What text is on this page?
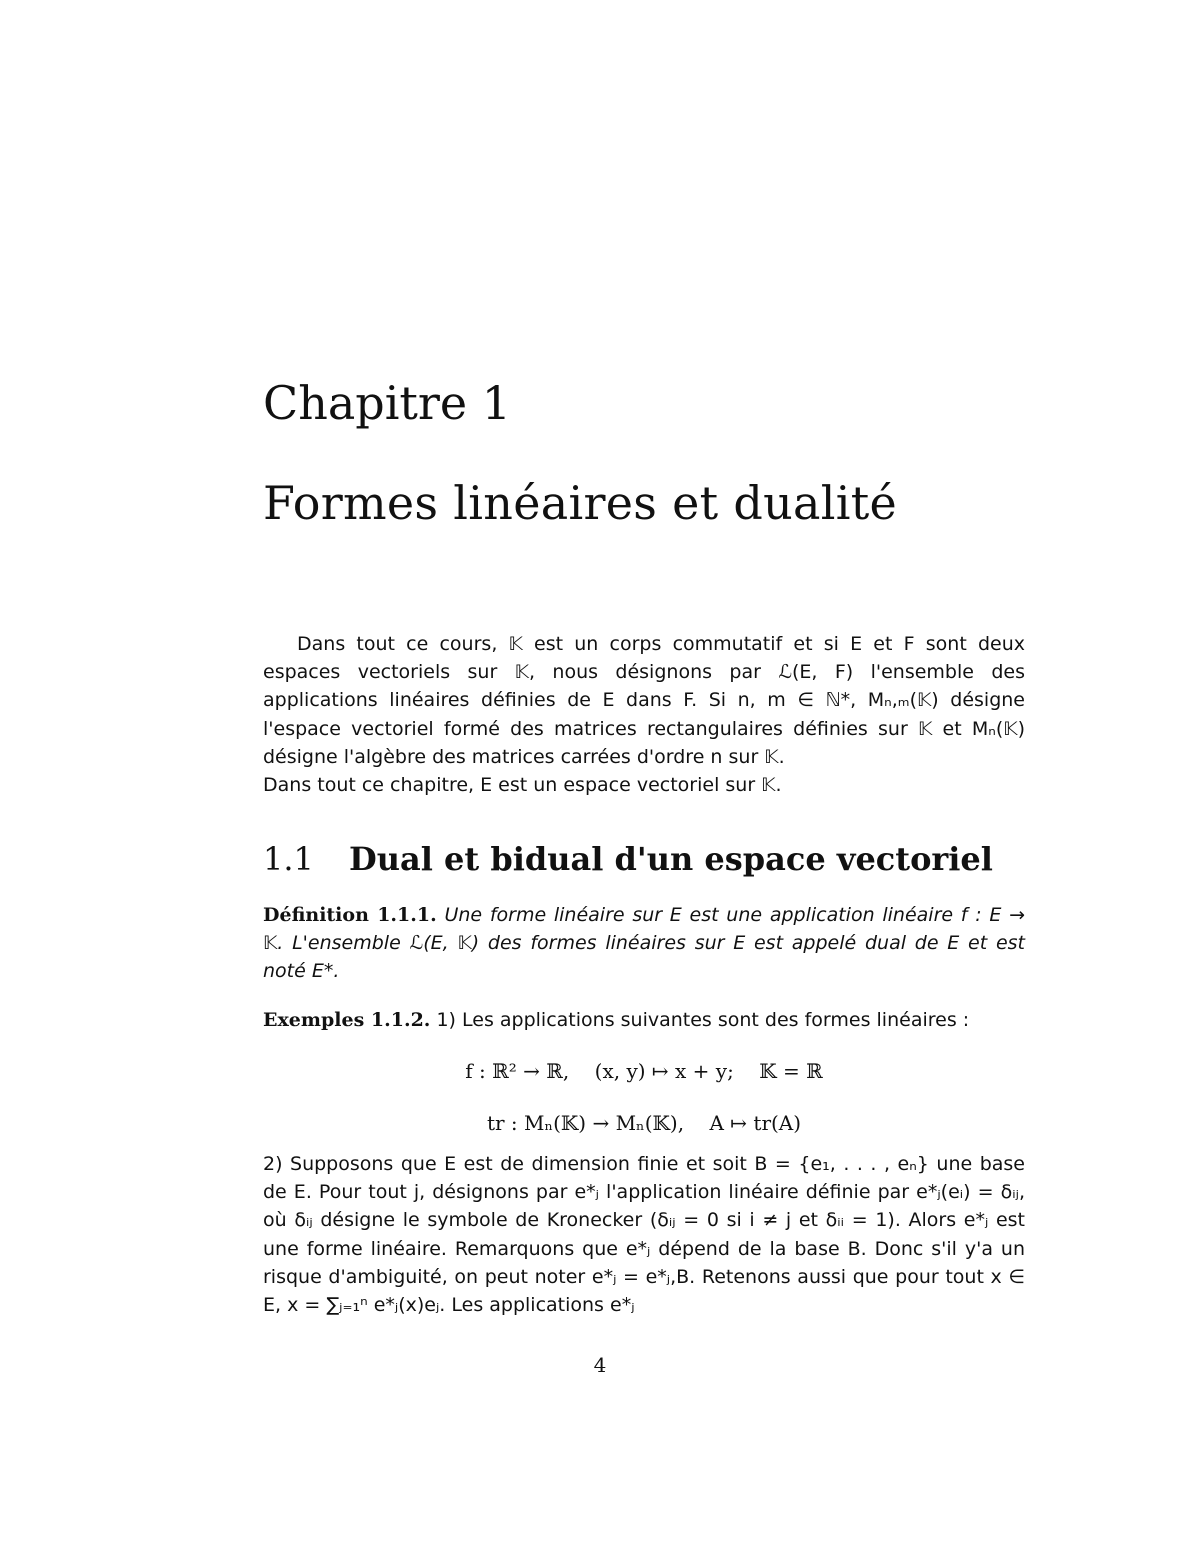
Chapitre 1
Formes linéaires et dualité
Dans tout ce cours, 𝕂 est un corps commutatif et si E et F sont deux espaces vectoriels sur 𝕂, nous désignons par ℒ(E, F) l'ensemble des applications linéaires définies de E dans F. Si n, m ∈ ℕ*, Mₙ,ₘ(𝕂) désigne l'espace vectoriel formé des matrices rectangulaires définies sur 𝕂 et Mₙ(𝕂) désigne l'algèbre des matrices carrées d'ordre n sur 𝕂.
Dans tout ce chapitre, E est un espace vectoriel sur 𝕂.
1.1 Dual et bidual d'un espace vectoriel

Définition 1.1.1. Une forme linéaire sur E est une application linéaire f : E → 𝕂. L'ensemble ℒ(E, 𝕂) des formes linéaires sur E est appelé dual de E et est noté E*.

Exemples 1.1.2. 1) Les applications suivantes sont des formes linéaires :

f : ℝ² → ℝ,    (x, y) ↦ x + y;    𝕂 = ℝ

tr : Mₙ(𝕂) → Mₙ(𝕂),    A ↦ tr(A)

2) Supposons que E est de dimension finie et soit B = {e₁, . . . , eₙ} une base de E. Pour tout j, désignons par e*ⱼ l'application linéaire définie par e*ⱼ(eᵢ) = δᵢⱼ, où δᵢⱼ désigne le symbole de Kronecker (δᵢⱼ = 0 si i ≠ j et δᵢᵢ = 1). Alors e*ⱼ est une forme linéaire. Remarquons que e*ⱼ dépend de la base B. Donc s'il y'a un risque d'ambiguité, on peut noter e*ⱼ = e*ⱼ,B. Retenons aussi que pour tout x ∈ E, x = ∑ⱼ₌₁ⁿ e*ⱼ(x)eⱼ. Les applications e*ⱼ

4
